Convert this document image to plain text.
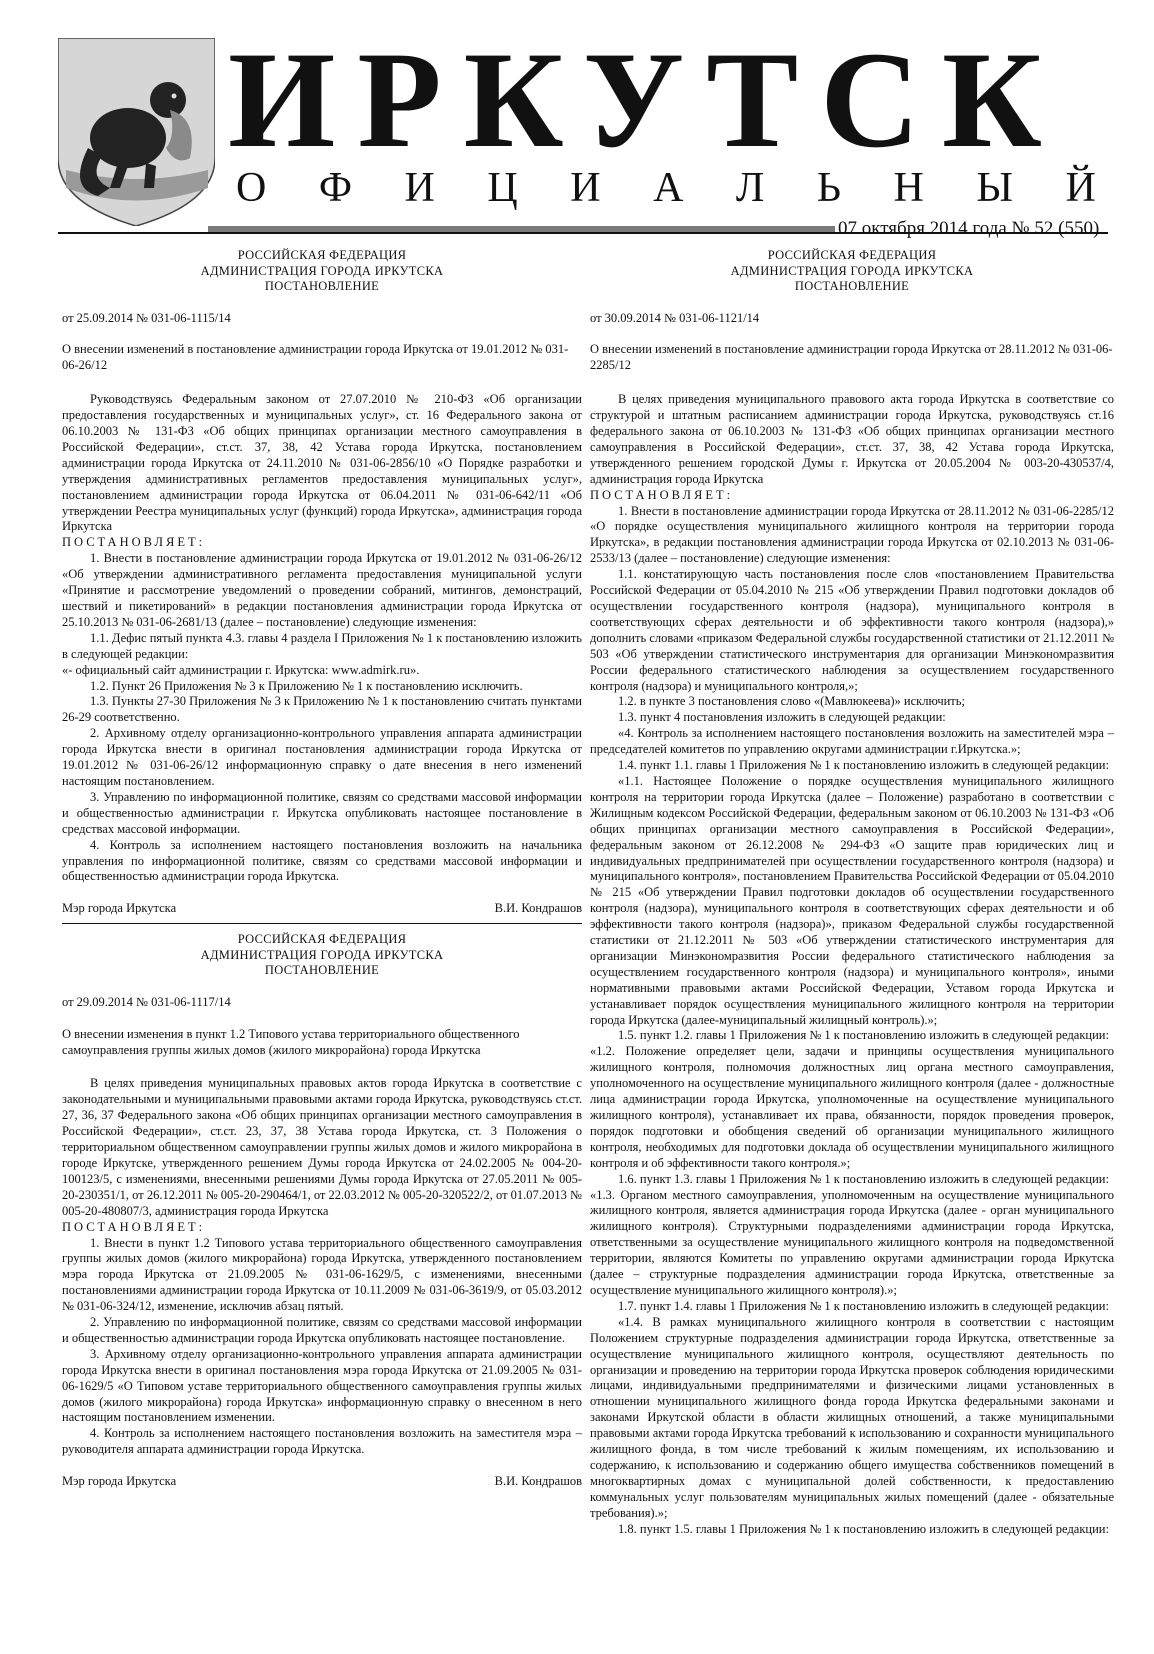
ИРКУТСК
О Ф И Ц И А Л Ь Н Ы Й
07 октября 2014 года № 52 (550)

РОССИЙСКАЯ ФЕДЕРАЦИЯ

АДМИНИСТРАЦИЯ ГОРОДА ИРКУТСКА

ПОСТАНОВЛЕНИЕ

от 25.09.2014 № 031-06-1115/14

О внесении изменений в постановление администрации города Иркутска от 19.01.2012 № 031-06-26/12

Руководствуясь Федеральным законом от 27.07.2010 № 210-ФЗ «Об организации предоставления государственных и муниципальных услуг», ст. 16 Федерального закона от 06.10.2003 № 131-ФЗ «Об общих принципах организации местного самоуправления в Российской Федерации», ст.ст. 37, 38, 42 Устава города Иркутска, постановлением администрации города Иркутска от 24.11.2010 № 031-06-2856/10 «О Порядке разработки и утверждения административных регламентов предоставления муниципальных услуг», постановлением администрации города Иркутска от 06.04.2011 № 031-06-642/11 «Об утверждении Реестра муниципальных услуг (функций) города Иркутска», администрация города Иркутска

ПОСТАНОВЛЯЕТ:

1. Внести в постановление администрации города Иркутска от 19.01.2012 № 031-06-26/12 «Об утверждении административного регламента предоставления муниципальной услуги «Принятие и рассмотрение уведомлений о проведении собраний, митингов, демонстраций, шествий и пикетирований» в редакции постановления администрации города Иркутска от 25.10.2013 № 031-06-2681/13 (далее – постановление) следующие изменения:

1.1. Дефис пятый пункта 4.3. главы 4 раздела I Приложения № 1 к постановлению изложить в следующей редакции:

«- официальный сайт администрации г. Иркутска: www.admirk.ru».

1.2. Пункт 26 Приложения № 3 к Приложению № 1 к постановлению исключить.

1.3. Пункты 27-30 Приложения № 3 к Приложению № 1 к постановлению считать пунктами 26-29 соответственно.

2. Архивному отделу организационно-контрольного управления аппарата администрации города Иркутска внести в оригинал постановления администрации города Иркутска от 19.01.2012 № 031-06-26/12 информационную справку о дате внесения в него изменений настоящим постановлением.

3. Управлению по информационной политике, связям со средствами массовой информации и общественностью администрации г. Иркутска опубликовать настоящее постановление в средствах массовой информации.

4. Контроль за исполнением настоящего постановления возложить на начальника управления по информационной политике, связям со средствами массовой информации и общественностью администрации города Иркутска.

Мэр города Иркутска	В.И. Кондрашов

РОССИЙСКАЯ ФЕДЕРАЦИЯ

АДМИНИСТРАЦИЯ ГОРОДА ИРКУТСКА

ПОСТАНОВЛЕНИЕ

от 29.09.2014 № 031-06-1117/14

О внесении изменения в пункт 1.2 Типового устава территориального общественного самоуправления группы жилых домов (жилого микрорайона) города Иркутска

В целях приведения муниципальных правовых актов города Иркутска в соответствие с законодательными и муниципальными правовыми актами города Иркутска, руководствуясь ст.ст. 27, 36, 37 Федерального закона «Об общих принципах организации местного самоуправления в Российской Федерации», ст.ст. 23, 37, 38 Устава города Иркутска, ст. 3 Положения о территориальном общественном самоуправлении группы жилых домов и жилого микрорайона в городе Иркутске, утвержденного решением Думы города Иркутска от 24.02.2005 № 004-20-100123/5, с изменениями, внесенными решениями Думы города Иркутска от 27.05.2011 № 005-20-230351/1, от 26.12.2011 № 005-20-290464/1, от 22.03.2012 № 005-20-320522/2, от 01.07.2013 № 005-20-480807/3, администрация города Иркутска

ПОСТАНОВЛЯЕТ:

1. Внести в пункт 1.2 Типового устава территориального общественного самоуправления группы жилых домов (жилого микрорайона) города Иркутска, утвержденного постановлением мэра города Иркутска от 21.09.2005 № 031-06-1629/5, с изменениями, внесенными постановлениями администрации города Иркутска от 10.11.2009 № 031-06-3619/9, от 05.03.2012 № 031-06-324/12, изменение, исключив абзац пятый.

2. Управлению по информационной политике, связям со средствами массовой информации и общественностью администрации города Иркутска опубликовать настоящее постановление.

3. Архивному отделу организационно-контрольного управления аппарата администрации города Иркутска внести в оригинал постановления мэра города Иркутска от 21.09.2005 № 031-06-1629/5 «О Типовом уставе территориального общественного самоуправления группы жилых домов (жилого микрорайона) города Иркутска» информационную справку о внесенном в него настоящим постановлением изменении.

4. Контроль за исполнением настоящего постановления возложить на заместителя мэра – руководителя аппарата администрации города Иркутска.

Мэр города Иркутска	В.И. Кондрашов

РОССИЙСКАЯ ФЕДЕРАЦИЯ

АДМИНИСТРАЦИЯ ГОРОДА ИРКУТСКА

ПОСТАНОВЛЕНИЕ

от 30.09.2014 № 031-06-1121/14

О внесении изменений в постановление администрации города Иркутска от 28.11.2012 № 031-06-2285/12

В целях приведения муниципального правового акта города Иркутска в соответствие со структурой и штатным расписанием администрации города Иркутска, руководствуясь ст.16 федерального закона от 06.10.2003 № 131-ФЗ «Об общих принципах организации местного самоуправления в Российской Федерации», ст.ст. 37, 38, 42 Устава города Иркутска, утвержденного решением городской Думы г. Иркутска от 20.05.2004 № 003-20-430537/4, администрация города Иркутска

ПОСТАНОВЛЯЕТ:

1. Внести в постановление администрации города Иркутска от 28.11.2012 № 031-06-2285/12 «О порядке осуществления муниципального жилищного контроля на территории города Иркутска», в редакции постановления администрации города Иркутска от 02.10.2013 № 031-06-2533/13 (далее – постановление) следующие изменения:

1.1. констатирующую часть постановления после слов «постановлением Правительства Российской Федерации от 05.04.2010 № 215 «Об утверждении Правил подготовки докладов об осуществлении государственного контроля (надзора), муниципального контроля в соответствующих сферах деятельности и об эффективности такого контроля (надзора),» дополнить словами «приказом Федеральной службы государственной статистики от 21.12.2011 № 503 «Об утверждении статистического инструментария для организации Минэкономразвития России федерального статистического наблюдения за осуществлением государственного контроля (надзора) и муниципального контроля,»;

1.2. в пункте 3 постановления слово «(Мавлюкеева)» исключить;

1.3. пункт 4 постановления изложить в следующей редакции:

«4. Контроль за исполнением настоящего постановления возложить на заместителей мэра – председателей комитетов по управлению округами администрации г.Иркутска.»;

1.4. пункт 1.1. главы 1 Приложения № 1 к постановлению изложить в следующей редакции:

«1.1. Настоящее Положение о порядке осуществления муниципального жилищного контроля на территории города Иркутска (далее – Положение) разработано в соответствии с Жилищным кодексом Российской Федерации, федеральным законом от 06.10.2003 № 131-ФЗ «Об общих принципах организации местного самоуправления в Российской Федерации», федеральным законом от 26.12.2008 № 294-ФЗ «О защите прав юридических лиц и индивидуальных предпринимателей при осуществлении государственного контроля (надзора) и муниципального контроля», постановлением Правительства Российской Федерации от 05.04.2010 № 215 «Об утверждении Правил подготовки докладов об осуществлении государственного контроля (надзора), муниципального контроля в соответствующих сферах деятельности и об эффективности такого контроля (надзора)», приказом Федеральной службы государственной статистики от 21.12.2011 № 503 «Об утверждении статистического инструментария для организации Минэкономразвития России федерального статистического наблюдения за осуществлением государственного контроля (надзора) и муниципального контроля», иными нормативными правовыми актами Российской Федерации, Уставом города Иркутска и устанавливает порядок осуществления муниципального жилищного контроля на территории города Иркутска (далее-муниципальный жилищный контроль).»;

1.5. пункт 1.2. главы 1 Приложения № 1 к постановлению изложить в следующей редакции:

«1.2. Положение определяет цели, задачи и принципы осуществления муниципального жилищного контроля, полномочия должностных лиц органа местного самоуправления, уполномоченного на осуществление муниципального жилищного контроля (далее - должностные лица администрации города Иркутска, уполномоченные на осуществление муниципального жилищного контроля), устанавливает их права, обязанности, порядок проведения проверок, порядок подготовки и обобщения сведений об организации муниципального жилищного контроля, необходимых для подготовки доклада об осуществлении муниципального жилищного контроля и об эффективности такого контроля.»;

1.6. пункт 1.3. главы 1 Приложения № 1 к постановлению изложить в следующей редакции:

«1.3. Органом местного самоуправления, уполномоченным на осуществление муниципального жилищного контроля, является администрация города Иркутска (далее - орган муниципального жилищного контроля). Структурными подразделениями администрации города Иркутска, ответственными за осуществление муниципального жилищного контроля на подведомственной территории, являются Комитеты по управлению округами администрации города Иркутска (далее – структурные подразделения администрации города Иркутска, ответственные за осуществление муниципального жилищного контроля).»;

1.7. пункт 1.4. главы 1 Приложения № 1 к постановлению изложить в следующей редакции:

«1.4. В рамках муниципального жилищного контроля в соответствии с настоящим Положением структурные подразделения администрации города Иркутска, ответственные за осуществление муниципального жилищного контроля, осуществляют деятельность по организации и проведению на территории города Иркутска проверок соблюдения юридическими лицами, индивидуальными предпринимателями и физическими лицами установленных в отношении муниципального жилищного фонда города Иркутска федеральными законами и законами Иркутской области в области жилищных отношений, а также муниципальными правовыми актами города Иркутска требований к использованию и сохранности муниципального жилищного фонда, в том числе требований к жилым помещениям, их использованию и содержанию, к использованию и содержанию общего имущества собственников помещений в многоквартирных домах с муниципальной долей собственности, к предоставлению коммунальных услуг пользователям муниципальных жилых помещений (далее - обязательные требования).»;

1.8. пункт 1.5. главы 1 Приложения № 1 к постановлению изложить в следующей редакции:
